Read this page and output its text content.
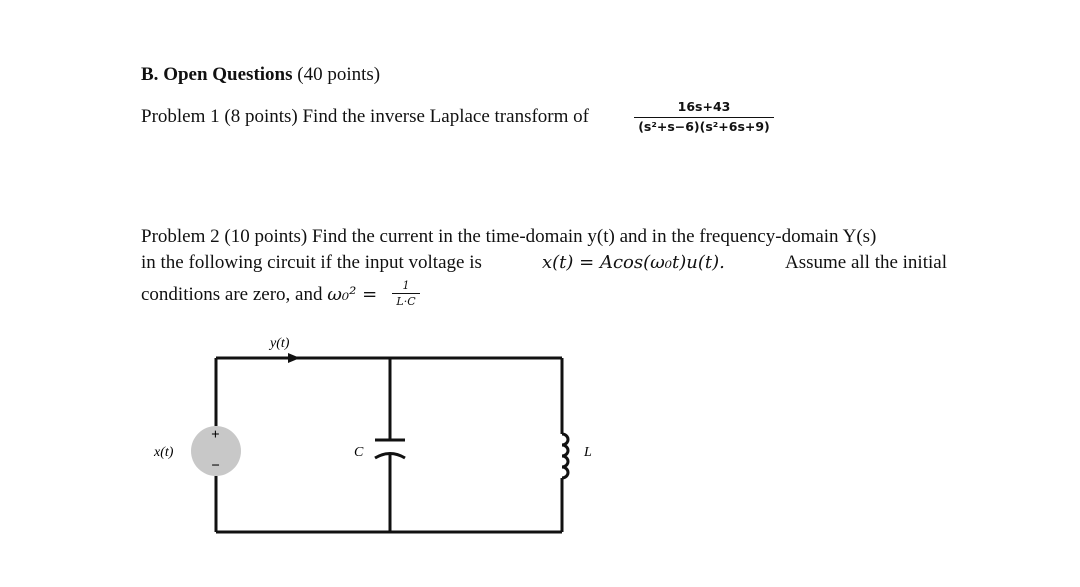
B. Open Questions (40 points)
Problem 1 (8 points) Find the inverse Laplace transform of	16s+43
(s²+s−6)(s²+6s+9)
Problem 2 (10 points) Find the current in the time-domain y(t) and in the frequency-domain Y(s)
in the following circuit if the input voltage is	x(t) = Acos(ω₀t)u(t).	Assume all the initial
conditions are zero, and ω₀² =	1
L·C
y(t)
+
−
x(t)	C	L
